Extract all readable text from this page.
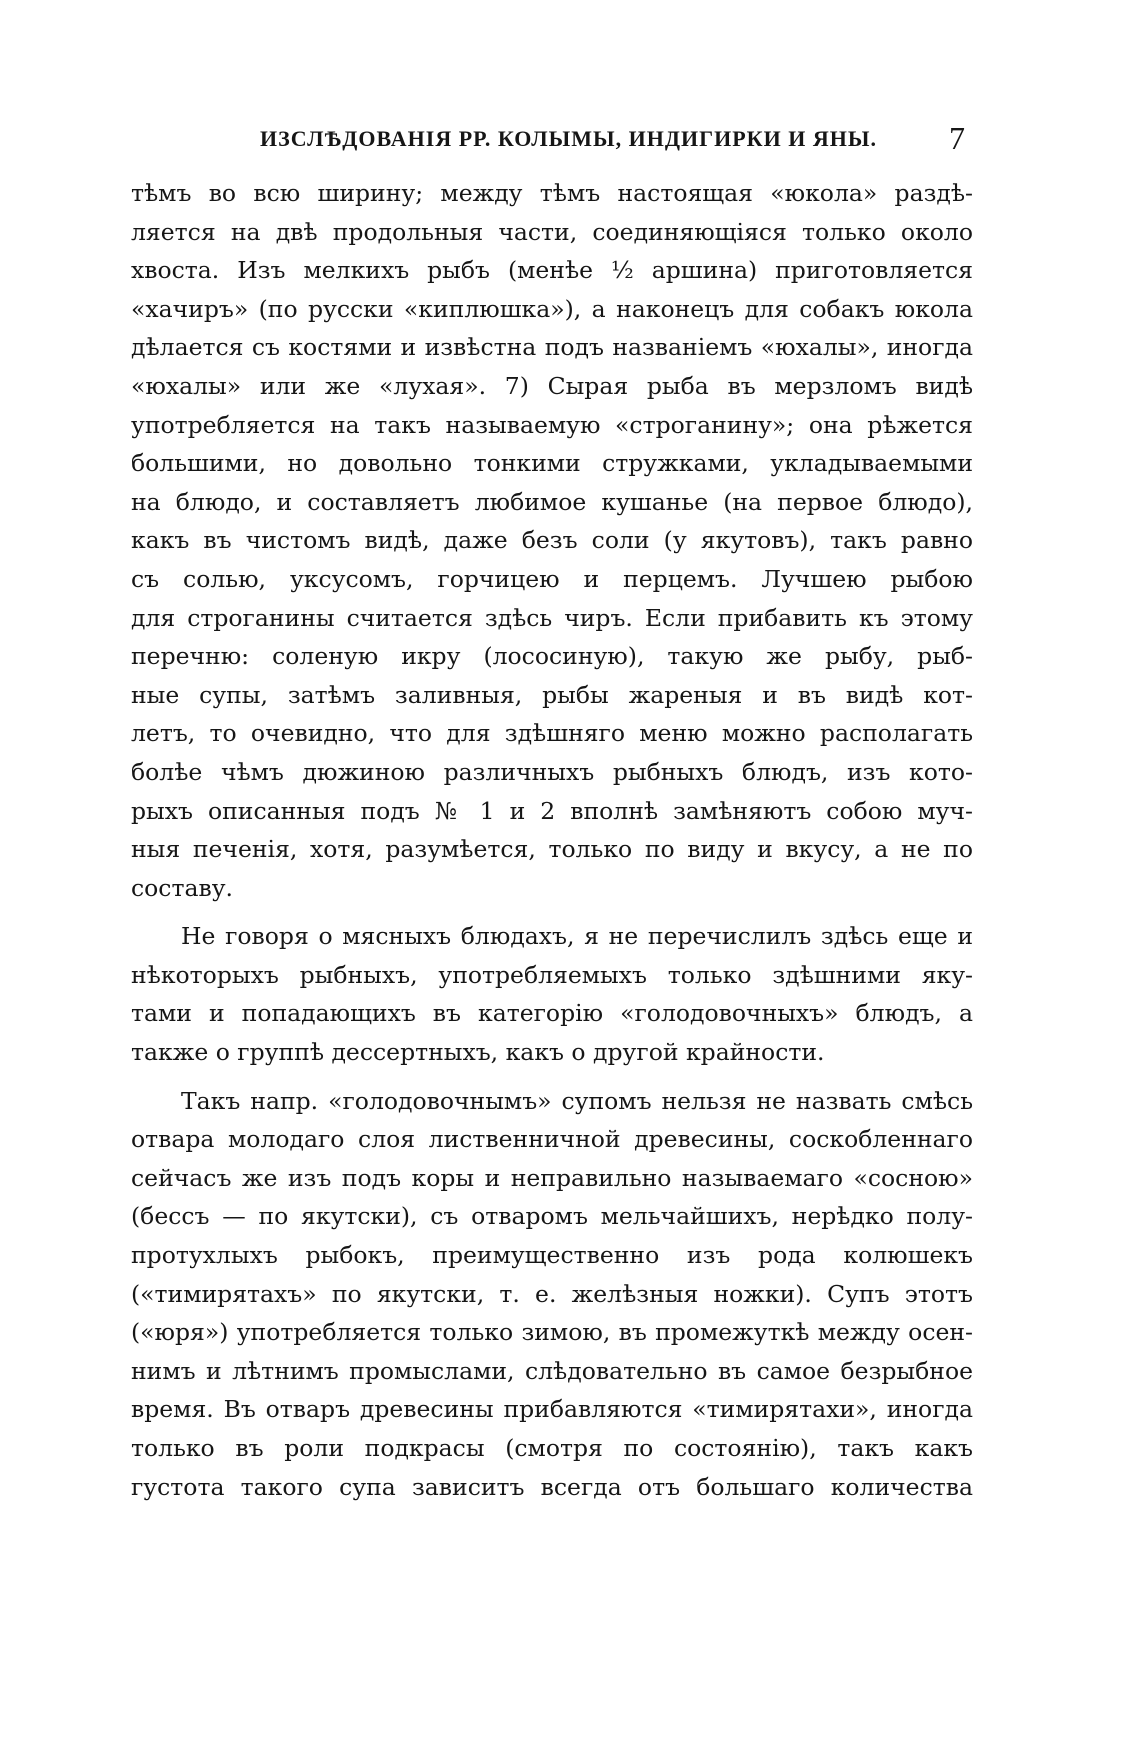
ИЗСЛѢДОВАНІЯ РР. КОЛЫМЫ, ИНДИГИРКИ И ЯНЫ. 7
тѣмъ во всю ширину; между тѣмъ настоящая «юкола» раздѣ-
ляется на двѣ продольныя части, соединяющіяся только около
хвоста. Изъ мелкихъ рыбъ (менѣе ½ аршина) приготовляется
«хачиръ» (по русски «киплюшка»), а наконецъ для собакъ юкола
дѣлается съ костями и извѣстна подъ названіемъ «юхалы», иногда
«юхалы» или же «лухая». 7) Сырая рыба въ мерзломъ видѣ
употребляется на такъ называемую «строганину»; она рѣжется
большими, но довольно тонкими стружками, укладываемыми
на блюдо, и составляетъ любимое кушанье (на первое блюдо),
какъ въ чистомъ видѣ, даже безъ соли (у якутовъ), такъ равно
съ солью, уксусомъ, горчицею и перцемъ. Лучшею рыбою
для строганины считается здѣсь чиръ. Если прибавить къ этому
перечню: соленую икру (лососиную), такую же рыбу, рыб-
ные супы, затѣмъ заливныя, рыбы жареныя и въ видѣ кот-
летъ, то очевидно, что для здѣшняго меню можно располагать
болѣе чѣмъ дюжиною различныхъ рыбныхъ блюдъ, изъ кото-
рыхъ описанныя подъ № 1 и 2 вполнѣ замѣняютъ собою муч-
ныя печенія, хотя, разумѣется, только по виду и вкусу, а не по
составу.
Не говоря о мясныхъ блюдахъ, я не перечислилъ здѣсь еще и
нѣкоторыхъ рыбныхъ, употребляемыхъ только здѣшними яку-
тами и попадающихъ въ категорію «голодовочныхъ» блюдъ, а
также о группѣ дессертныхъ, какъ о другой крайности.
Такъ напр. «голодовочнымъ» супомъ нельзя не назвать смѣсь
отвара молодаго слоя лиственничной древесины, соскобленнаго
сейчасъ же изъ подъ коры и неправильно называемаго «сосною»
(бессъ — по якутски), съ отваромъ мельчайшихъ, нерѣдко полу-
протухлыхъ рыбокъ, преимущественно изъ рода колюшекъ
(«тимирятахъ» по якутски, т. е. желѣзныя ножки). Супъ этотъ
(«юря») употребляется только зимою, въ промежуткѣ между осен-
нимъ и лѣтнимъ промыслами, слѣдовательно въ самое безрыбное
время. Въ отваръ древесины прибавляются «тимирятахи», иногда
только въ роли подкрасы (смотря по состоянію), такъ какъ
густота такого супа зависитъ всегда отъ большаго количества
